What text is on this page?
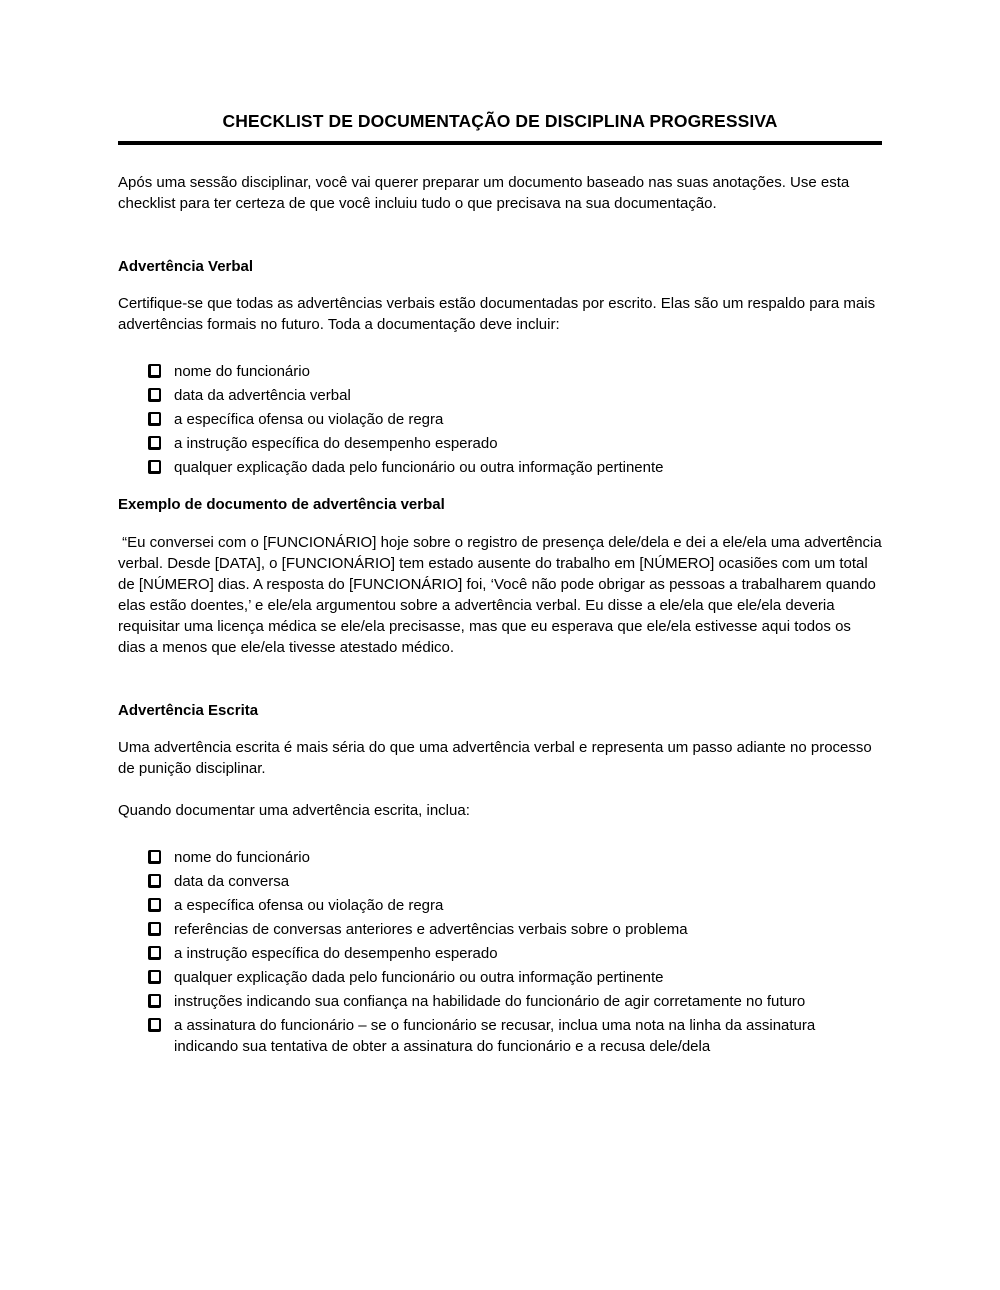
CHECKLIST DE DOCUMENTAÇÃO DE DISCIPLINA PROGRESSIVA

Após uma sessão disciplinar, você vai querer preparar um documento baseado nas suas anotações. Use esta checklist para ter certeza de que você incluiu tudo o que precisava na sua documentação.

Advertência Verbal

Certifique-se que todas as advertências verbais estão documentadas por escrito. Elas são um respaldo para mais advertências formais no futuro. Toda a documentação deve incluir:

nome do funcionário
data da advertência verbal
a específica ofensa ou violação de regra
a instrução específica do desempenho esperado
qualquer explicação dada pelo funcionário ou outra informação pertinente
Exemplo de documento de advertência verbal

“Eu conversei com o [FUNCIONÁRIO] hoje sobre o registro de presença dele/dela e dei a ele/ela uma advertência verbal. Desde [DATA], o [FUNCIONÁRIO] tem estado ausente do trabalho em [NÚMERO] ocasiões com um total de [NÚMERO] dias. A resposta do [FUNCIONÁRIO] foi, ‘Você não pode obrigar as pessoas a trabalharem quando elas estão doentes,’ e ele/ela argumentou sobre a advertência verbal. Eu disse a ele/ela que ele/ela deveria requisitar uma licença médica se ele/ela precisasse, mas que eu esperava que ele/ela estivesse aqui todos os dias a menos que ele/ela tivesse atestado médico.

Advertência Escrita

Uma advertência escrita é mais séria do que uma advertência verbal e representa um passo adiante no processo de punição disciplinar.

Quando documentar uma advertência escrita, inclua:

nome do funcionário
data da conversa
a específica ofensa ou violação de regra
referências de conversas anteriores e advertências verbais sobre o problema
a instrução específica do desempenho esperado
qualquer explicação dada pelo funcionário ou outra informação pertinente
instruções indicando sua confiança na habilidade do funcionário de agir corretamente no futuro
a assinatura do funcionário – se o funcionário se recusar, inclua uma nota na linha da assinatura indicando sua tentativa de obter a assinatura do funcionário e a recusa dele/dela
